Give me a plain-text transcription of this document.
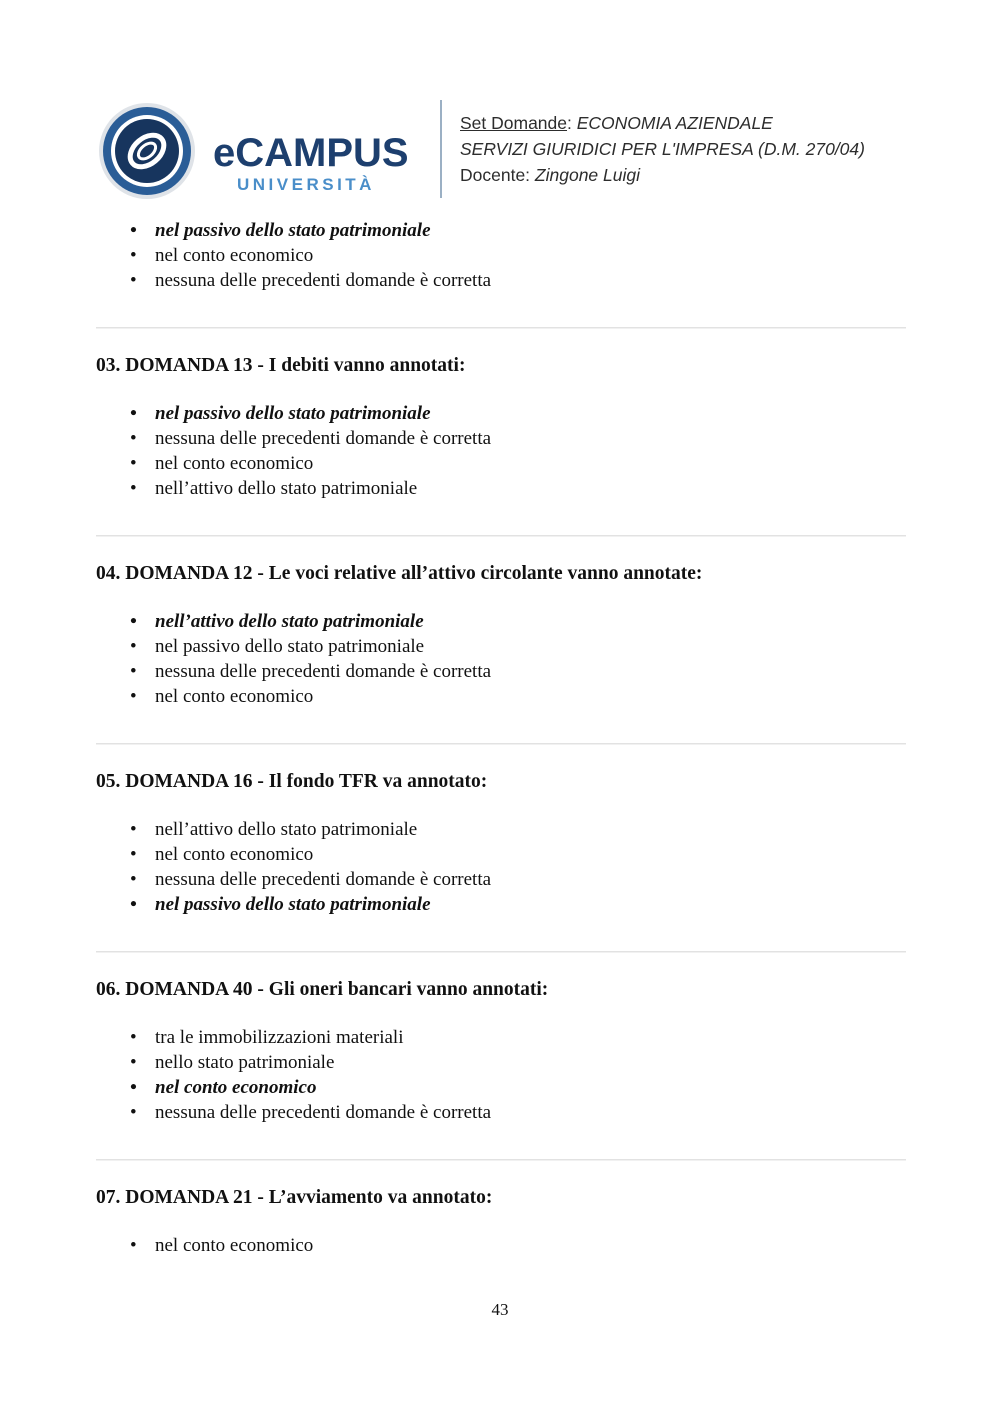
eCAMPUS
UNIVERSITÀ
Set Domande: ECONOMIA AZIENDALE
SERVIZI GIURIDICI PER L'IMPRESA (D.M. 270/04)
Docente: Zingone Luigi
• nel passivo dello stato patrimoniale
• nel conto economico
• nessuna delle precedenti domande è corretta
03. DOMANDA 13 - I debiti vanno annotati:
• nel passivo dello stato patrimoniale
• nessuna delle precedenti domande è corretta
• nel conto economico
• nell’attivo dello stato patrimoniale
04. DOMANDA 12 - Le voci relative all’attivo circolante vanno annotate:
• nell’attivo dello stato patrimoniale
• nel passivo dello stato patrimoniale
• nessuna delle precedenti domande è corretta
• nel conto economico
05. DOMANDA 16 - Il fondo TFR va annotato:
• nell’attivo dello stato patrimoniale
• nel conto economico
• nessuna delle precedenti domande è corretta
• nel passivo dello stato patrimoniale
06. DOMANDA 40 - Gli oneri bancari vanno annotati:
• tra le immobilizzazioni materiali
• nello stato patrimoniale
• nel conto economico
• nessuna delle precedenti domande è corretta
07. DOMANDA 21 - L’avviamento va annotato:
• nel conto economico
43
